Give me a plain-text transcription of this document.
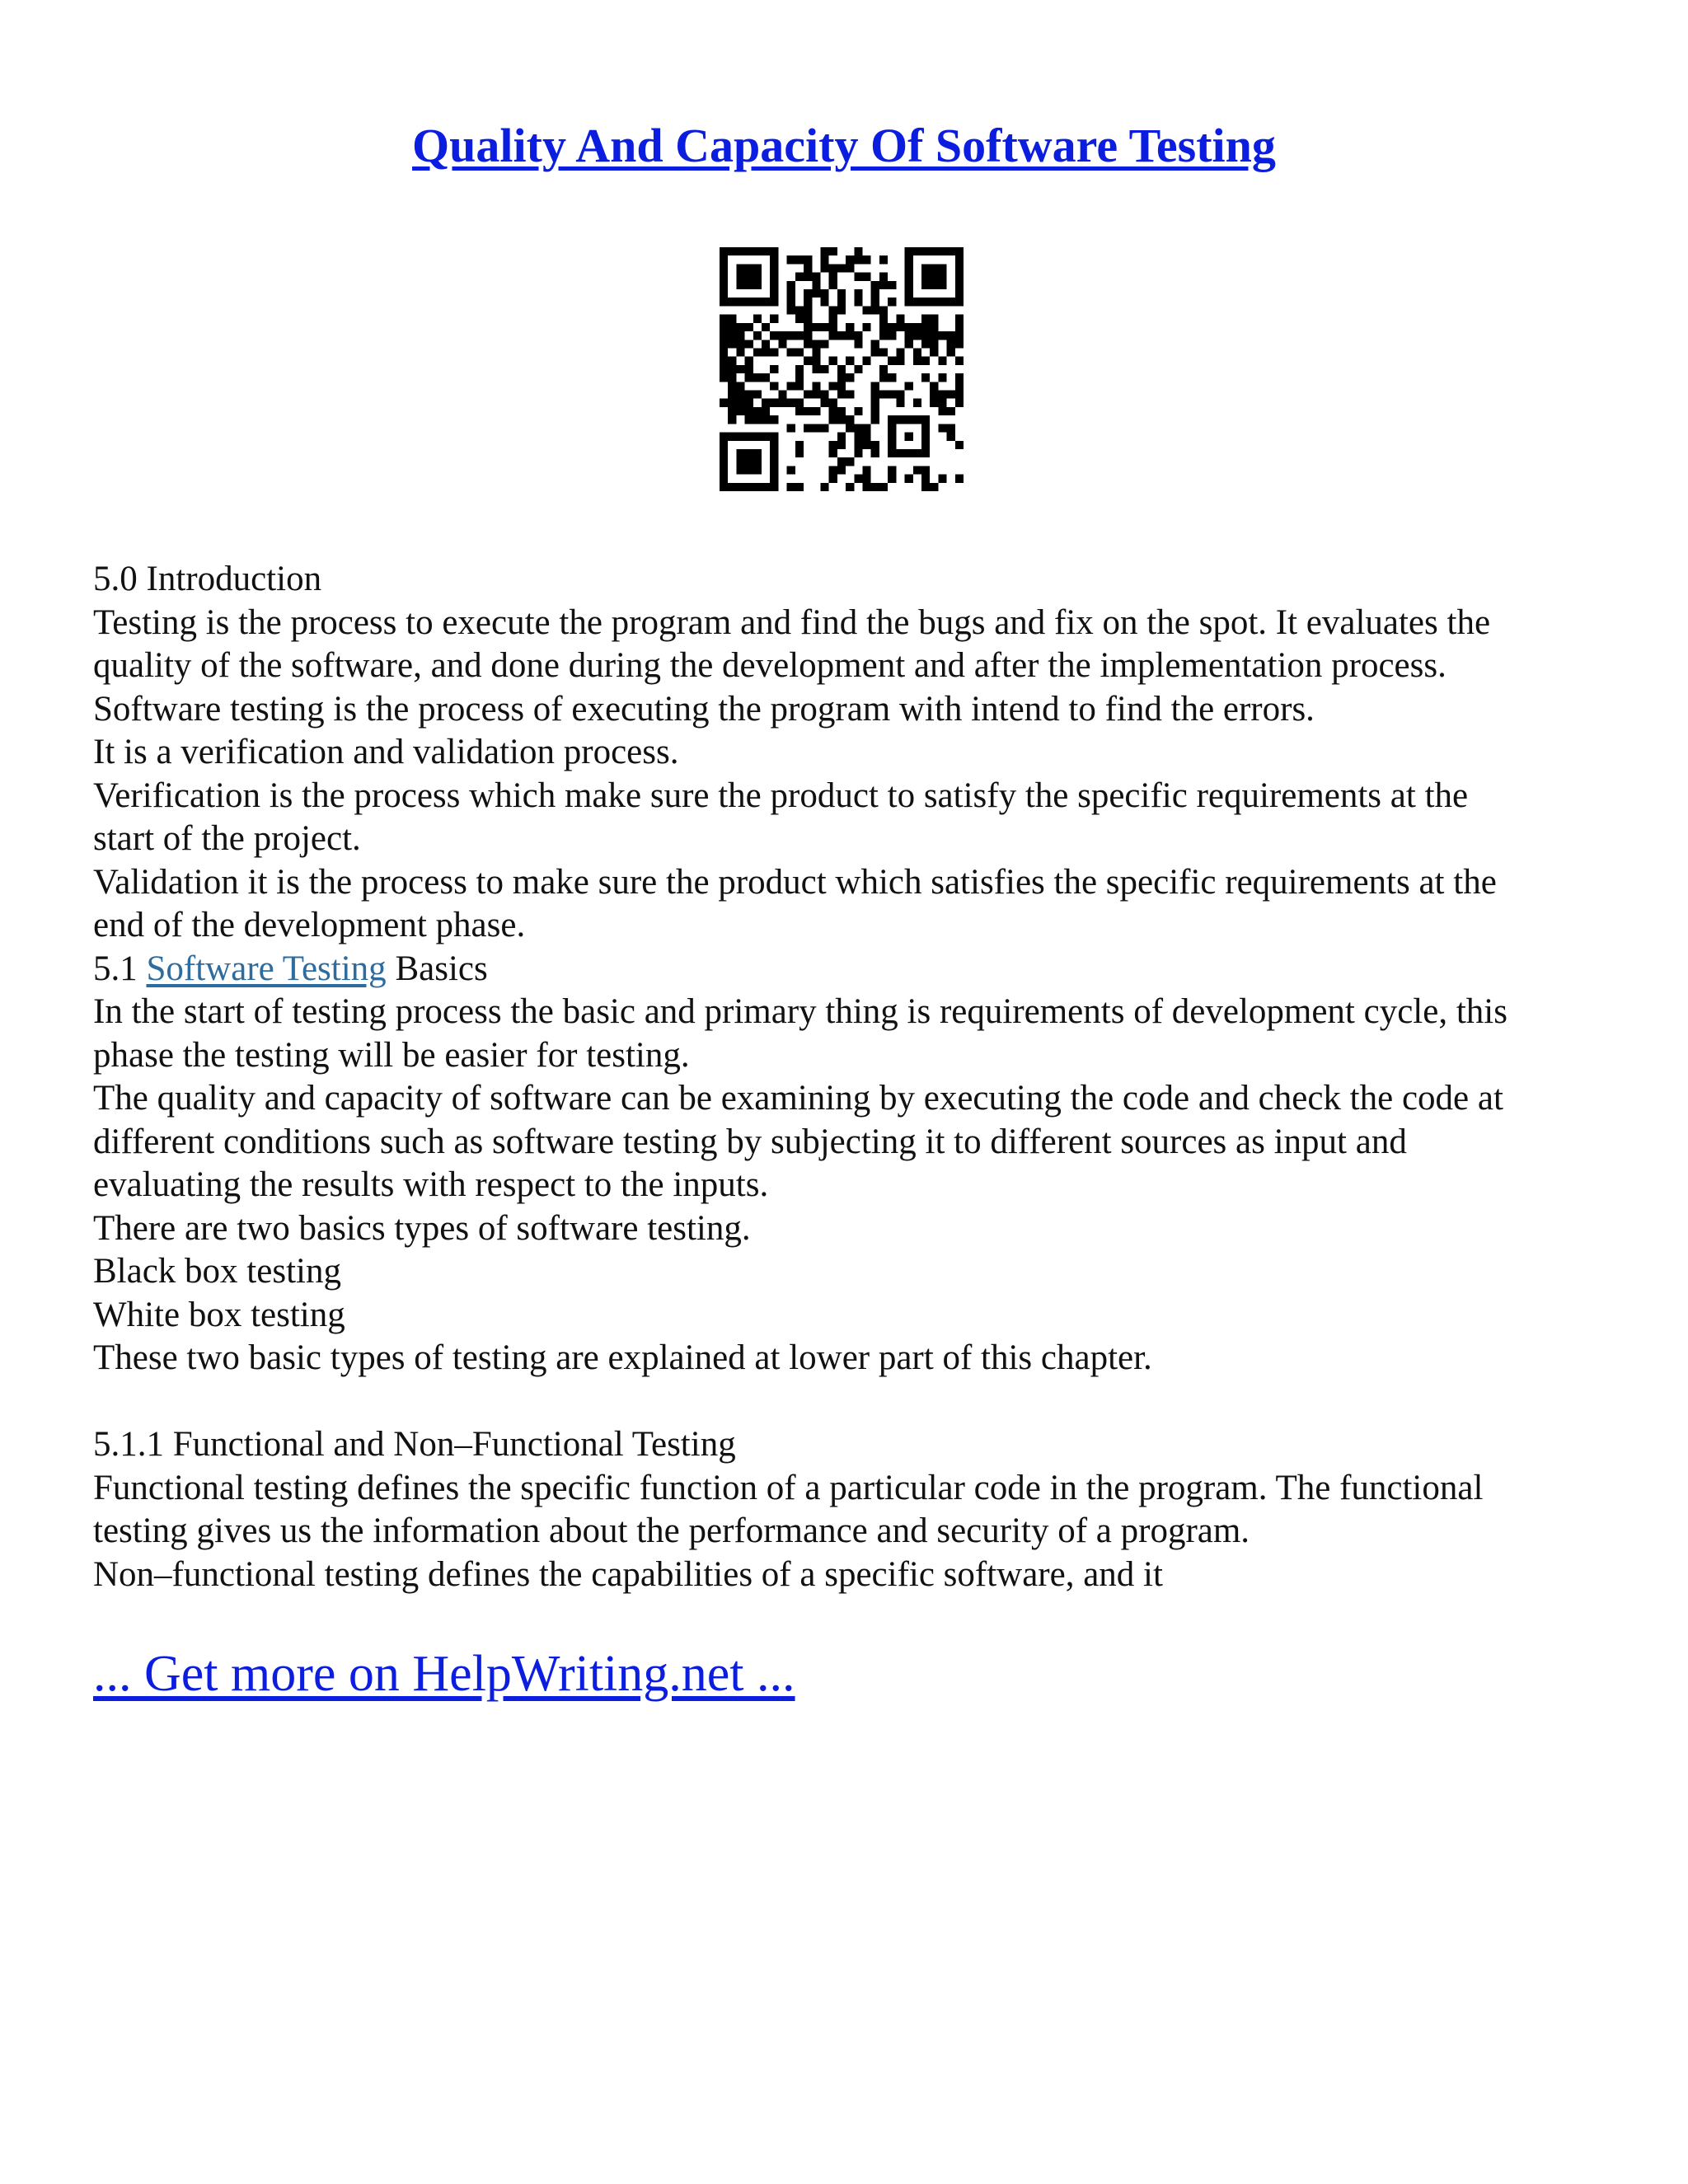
Quality And Capacity Of Software Testing

5.0 Introduction

Testing is the process to execute the program and find the bugs and fix on the spot. It evaluates the

quality of the software, and done during the development and after the implementation process.

Software testing is the process of executing the program with intend to find the errors.

It is a verification and validation process.

Verification is the process which make sure the product to satisfy the specific requirements at the

start of the project.

Validation it is the process to make sure the product which satisfies the specific requirements at the

end of the development phase.

5.1 Software Testing Basics

In the start of testing process the basic and primary thing is requirements of development cycle, this

phase the testing will be easier for testing.

The quality and capacity of software can be examining by executing the code and check the code at

different conditions such as software testing by subjecting it to different sources as input and

evaluating the results with respect to the inputs.

There are two basics types of software testing.

Black box testing

White box testing

These two basic types of testing are explained at lower part of this chapter.

5.1.1 Functional and Non–Functional Testing

Functional testing defines the specific function of a particular code in the program. The functional

testing gives us the information about the performance and security of a program.

Non–functional testing defines the capabilities of a specific software, and it

... Get more on HelpWriting.net ...
